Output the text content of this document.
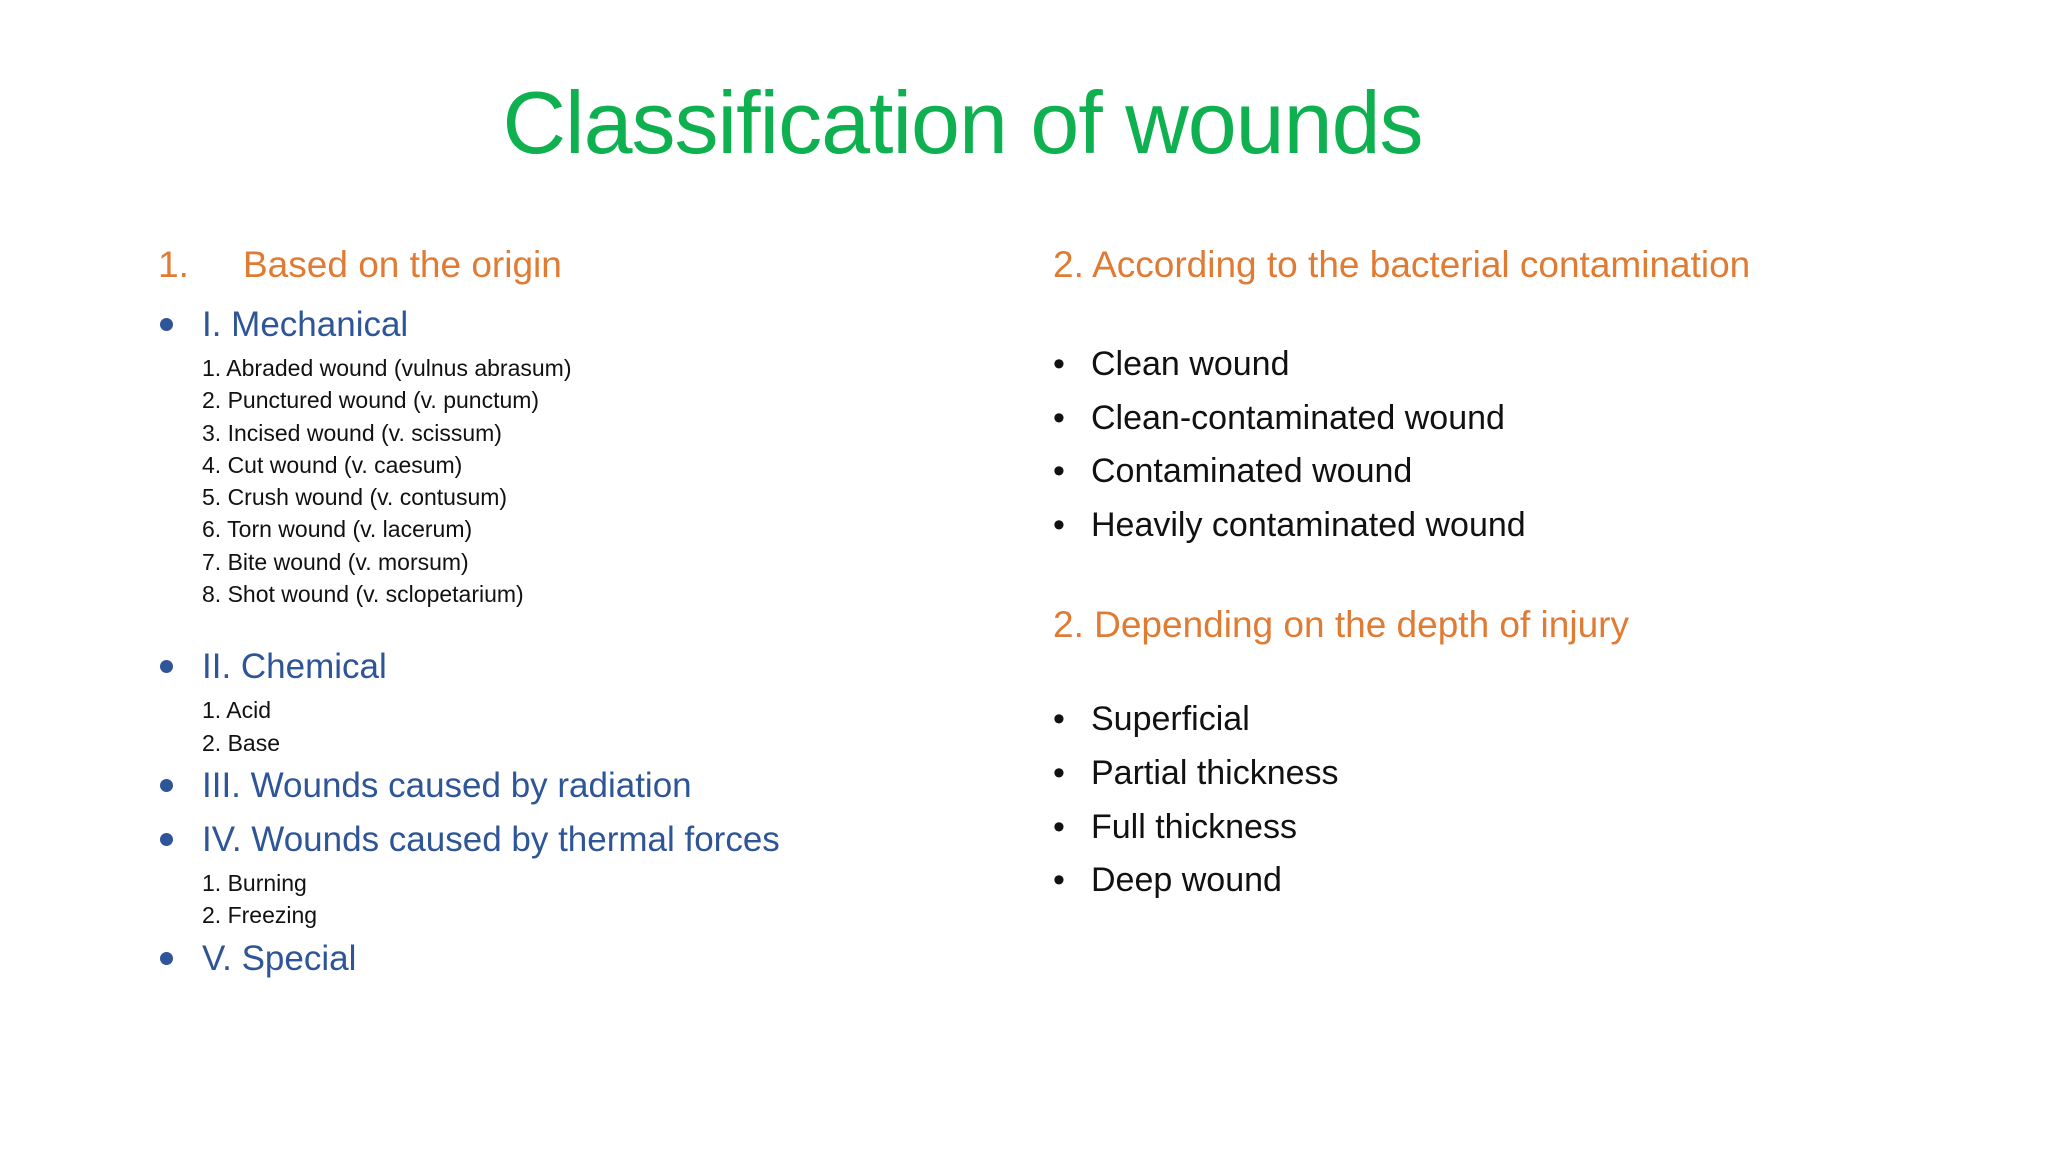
Classification of wounds
1. Based on the origin
I. Mechanical
1. Abraded wound (vulnus abrasum)
2. Punctured wound (v. punctum)
3. Incised wound (v. scissum)
4. Cut wound (v. caesum)
5. Crush wound (v. contusum)
6. Torn wound (v. lacerum)
7. Bite wound (v. morsum)
8. Shot wound (v. sclopetarium)
II. Chemical
1. Acid
2. Base
III. Wounds caused by radiation
IV. Wounds caused by thermal forces
1. Burning
2. Freezing
V. Special
2. According to the bacterial contamination
• Clean wound
• Clean-contaminated wound
• Contaminated wound
• Heavily contaminated wound
2. Depending on the depth of injury
• Superficial
• Partial thickness
• Full thickness
• Deep wound
